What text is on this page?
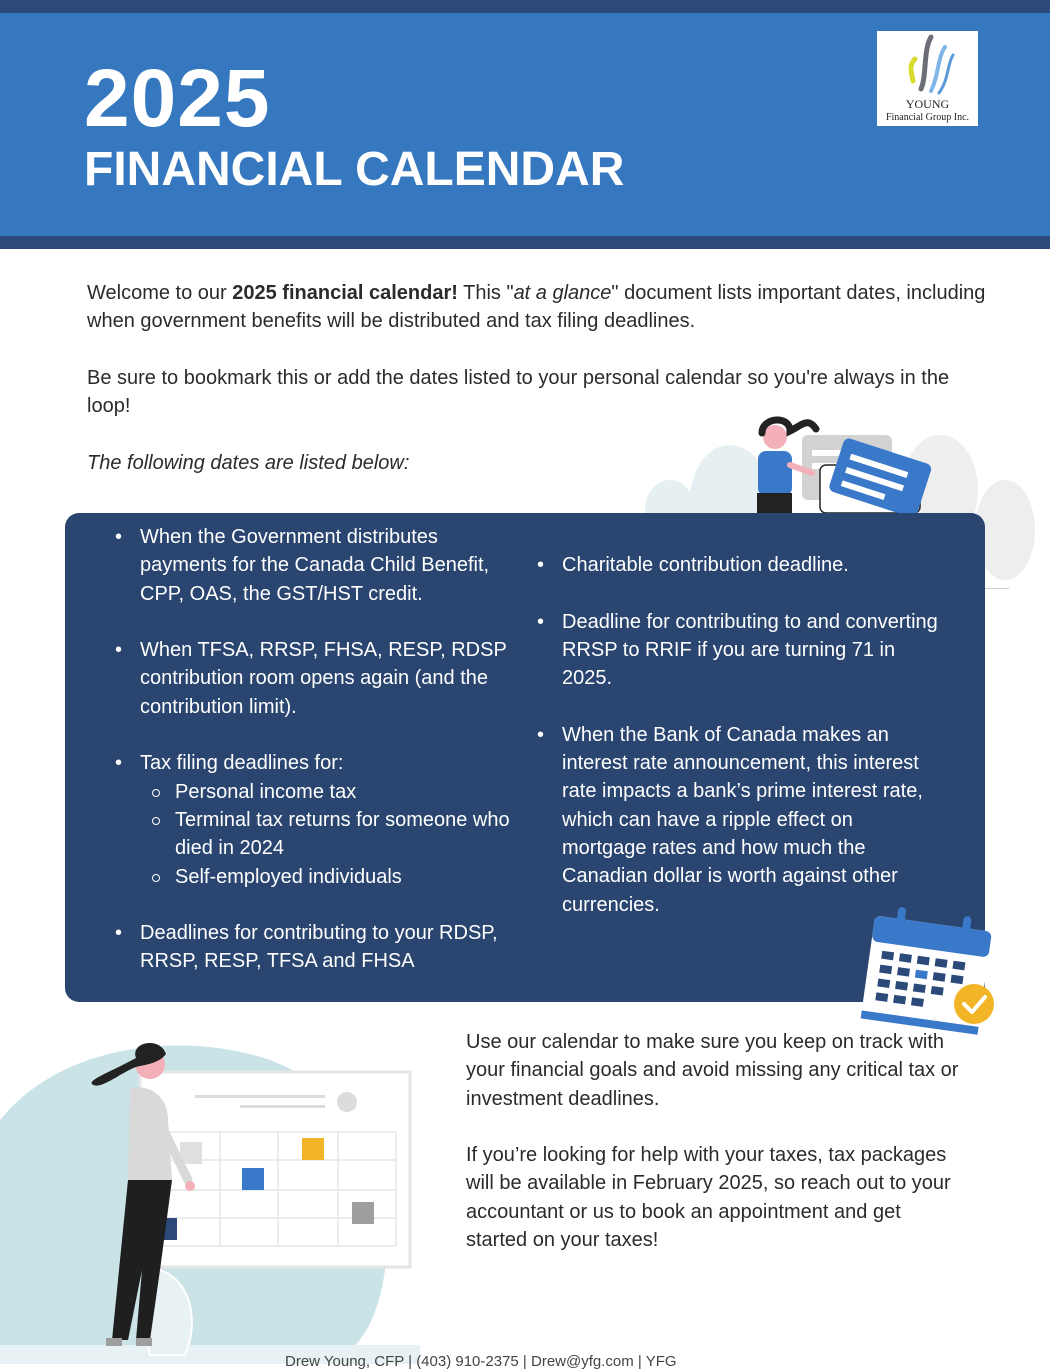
2025
FINANCIAL CALENDAR
YOUNG
Financial Group Inc.
Welcome to our 2025 financial calendar! This "at a glance" document lists important dates, including when government benefits will be distributed and tax filing deadlines.
Be sure to bookmark this or add the dates listed to your personal calendar so you're always in the loop!
The following dates are listed below:
• When the Government distributes payments for the Canada Child Benefit, CPP, OAS, the GST/HST credit.
• When TFSA, RRSP, FHSA, RESP, RDSP contribution room opens again (and the contribution limit).
• Tax filing deadlines for:
Personal income tax
Terminal tax returns for someone who died in 2024
Self-employed individuals
• Deadlines for contributing to your RDSP, RRSP, RESP, TFSA and FHSA
• Charitable contribution deadline.
• Deadline for contributing to and converting RRSP to RRIF if you are turning 71 in 2025.
• When the Bank of Canada makes an interest rate announcement, this interest rate impacts a bank’s prime interest rate, which can have a ripple effect on mortgage rates and how much the Canadian dollar is worth against other currencies.
Use our calendar to make sure you keep on track with your financial goals and avoid missing any critical tax or investment deadlines.
If you’re looking for help with your taxes, tax packages will be available in February 2025, so reach out to your accountant or us to book an appointment and get started on your taxes!
Drew Young, CFP | (403) 910-2375 | Drew@yfg.com | YFG
